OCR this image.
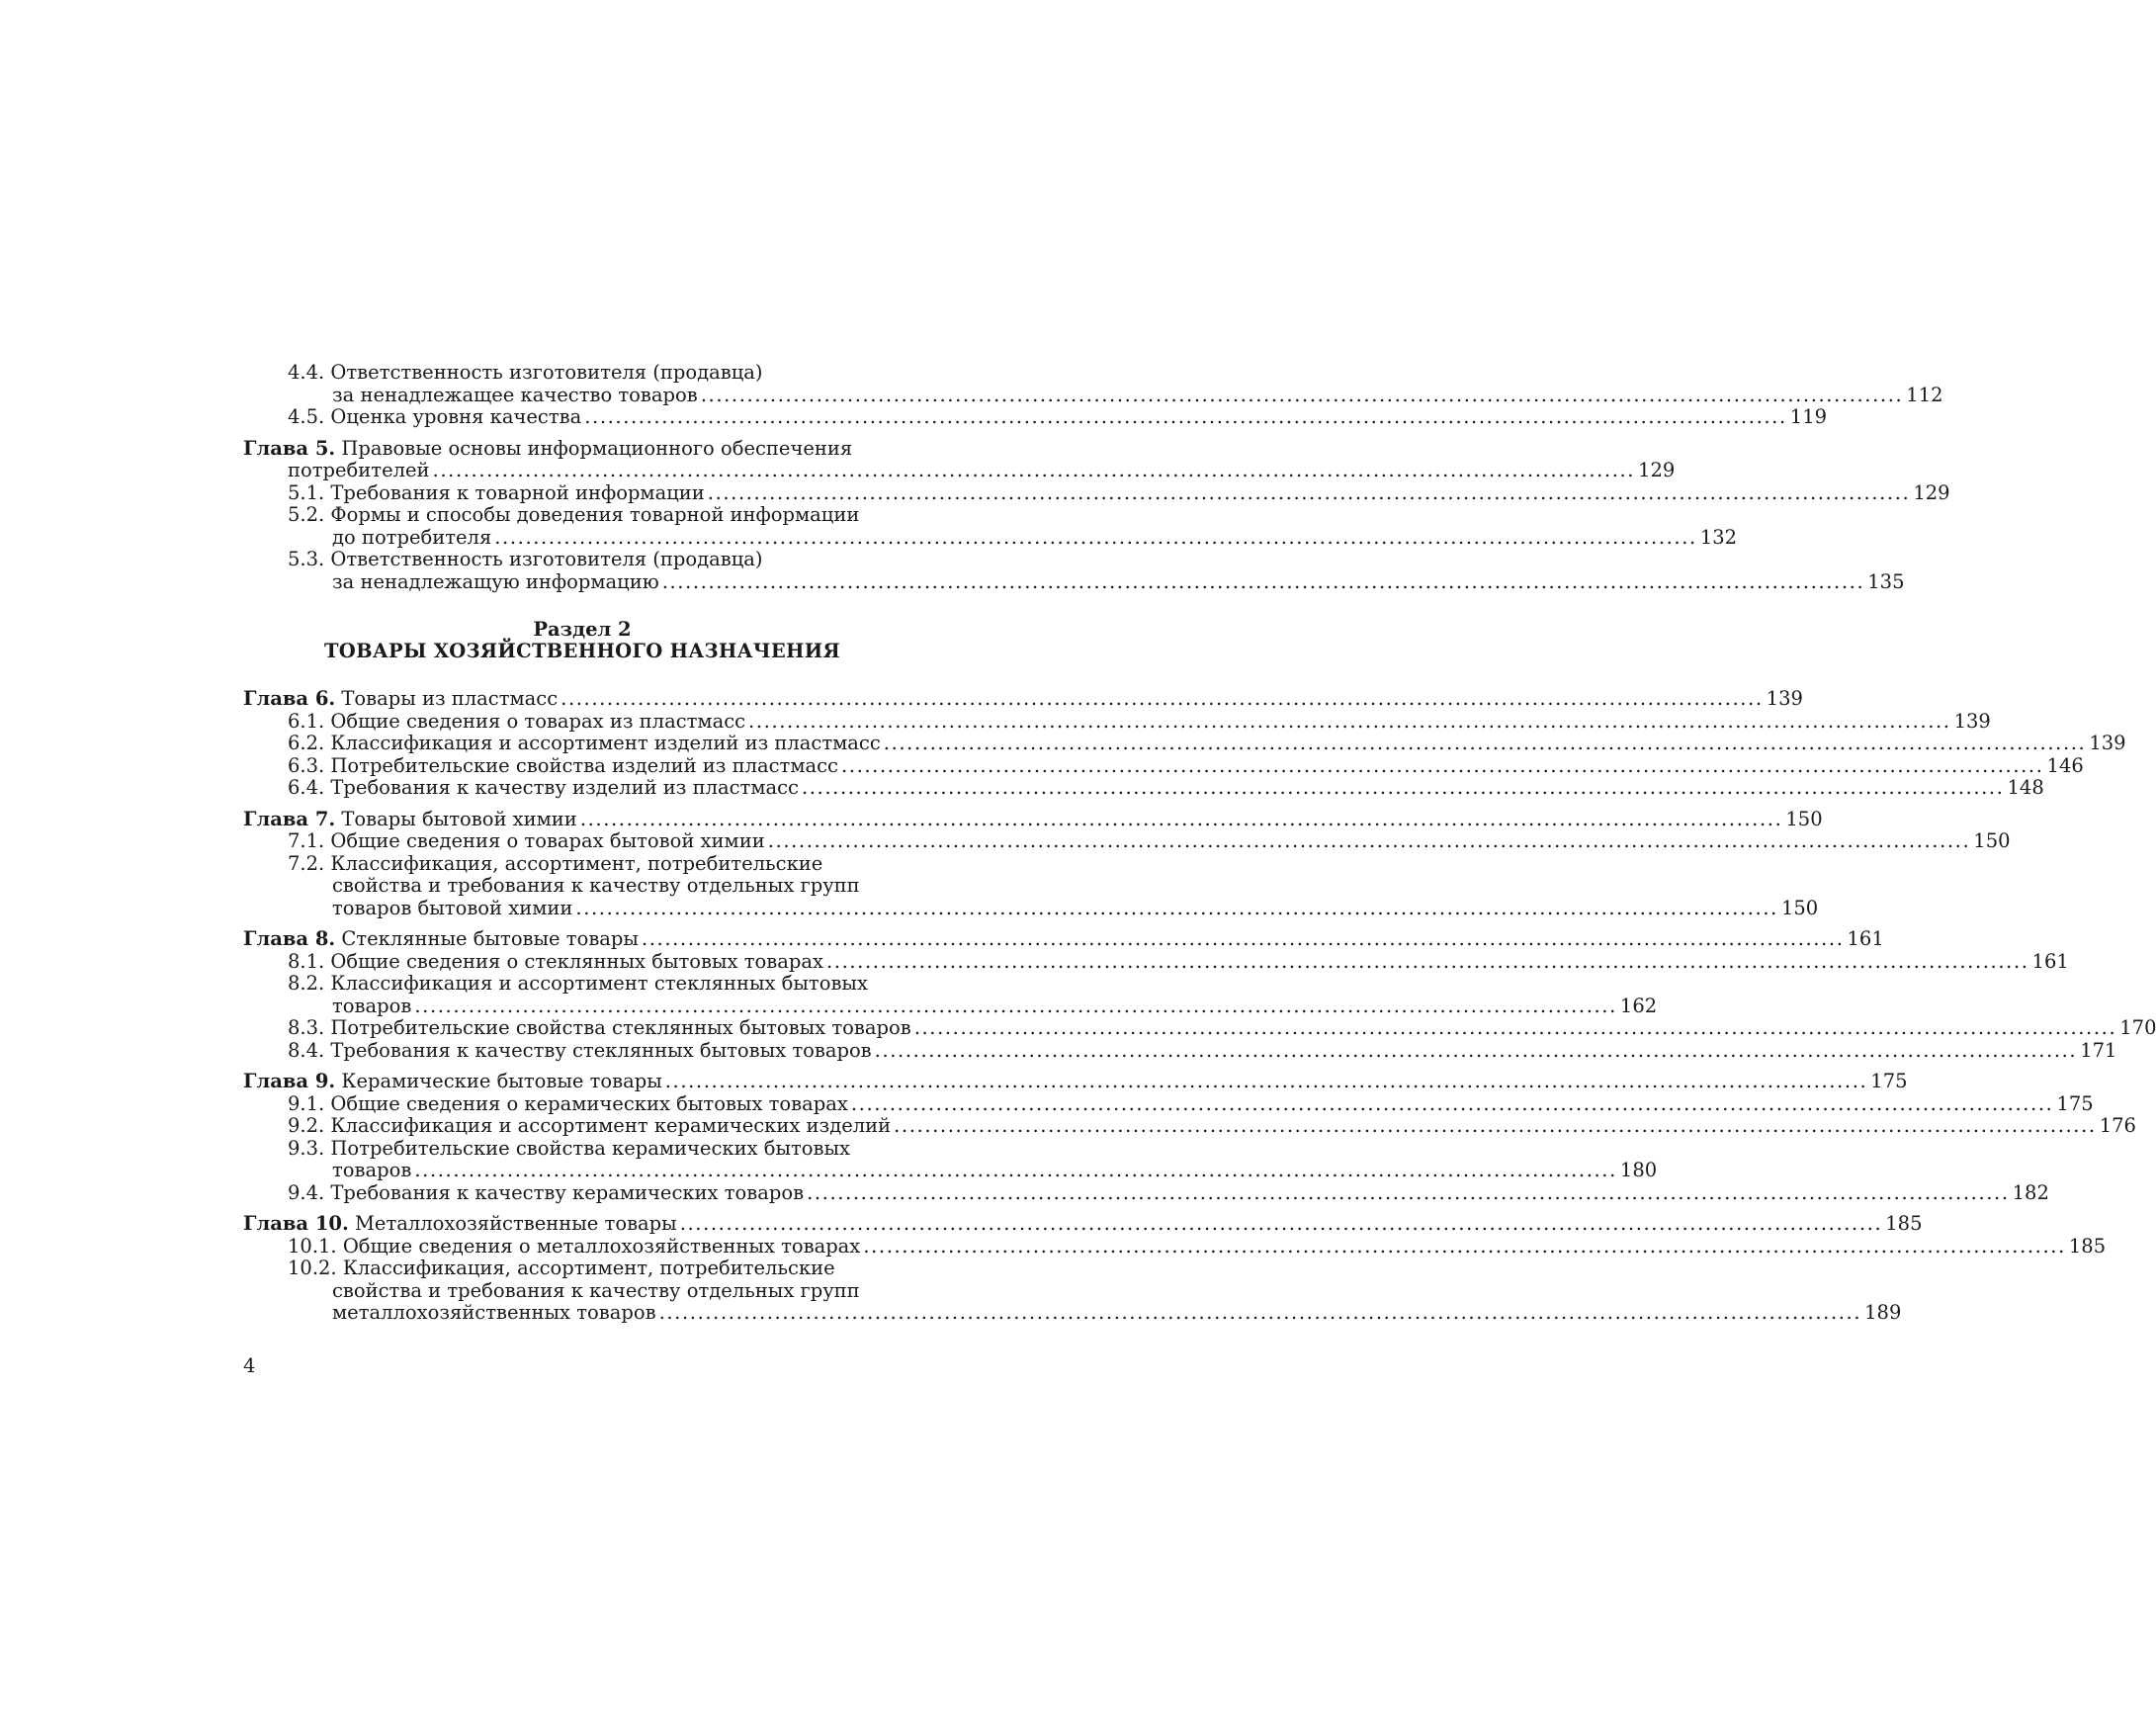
4.4. Ответственность изготовителя (продавца)
за ненадлежащее качество товаров .....	112
4.5. Оценка уровня качества .....	119
Глава 5. Правовые основы информационного обеспечения
потребителей .....	129
5.1. Требования к товарной информации .....	129
5.2. Формы и способы доведения товарной информации
до потребителя .....	132
5.3. Ответственность изготовителя (продавца)
за ненадлежащую информацию .....	135
Раздел 2
ТОВАРЫ ХОЗЯЙСТВЕННОГО НАЗНАЧЕНИЯ
Глава 6. Товары из пластмасс .....	139
6.1. Общие сведения о товарах из пластмасс .....	139
6.2. Классификация и ассортимент изделий из пластмасс .....	139
6.3. Потребительские свойства изделий из пластмасс .....	146
6.4. Требования к качеству изделий из пластмасс .....	148
Глава 7. Товары бытовой химии .....	150
7.1. Общие сведения о товарах бытовой химии .....	150
7.2. Классификация, ассортимент, потребительские
свойства и требования к качеству отдельных групп
товаров бытовой химии .....	150
Глава 8. Стеклянные бытовые товары .....	161
8.1. Общие сведения о стеклянных бытовых товарах .....	161
8.2. Классификация и ассортимент стеклянных бытовых
товаров .....	162
8.3. Потребительские свойства стеклянных бытовых товаров .....	170
8.4. Требования к качеству стеклянных бытовых товаров .....	171
Глава 9. Керамические бытовые товары .....	175
9.1. Общие сведения о керамических бытовых товарах .....	175
9.2. Классификация и ассортимент керамических изделий .....	176
9.3. Потребительские свойства керамических бытовых
товаров .....	180
9.4. Требования к качеству керамических товаров .....	182
Глава 10. Металлохозяйственные товары .....	185
10.1. Общие сведения о металлохозяйственных товарах .....	185
10.2. Классификация, ассортимент, потребительские
свойства и требования к качеству отдельных групп
металлохозяйственных товаров .....	189
4
